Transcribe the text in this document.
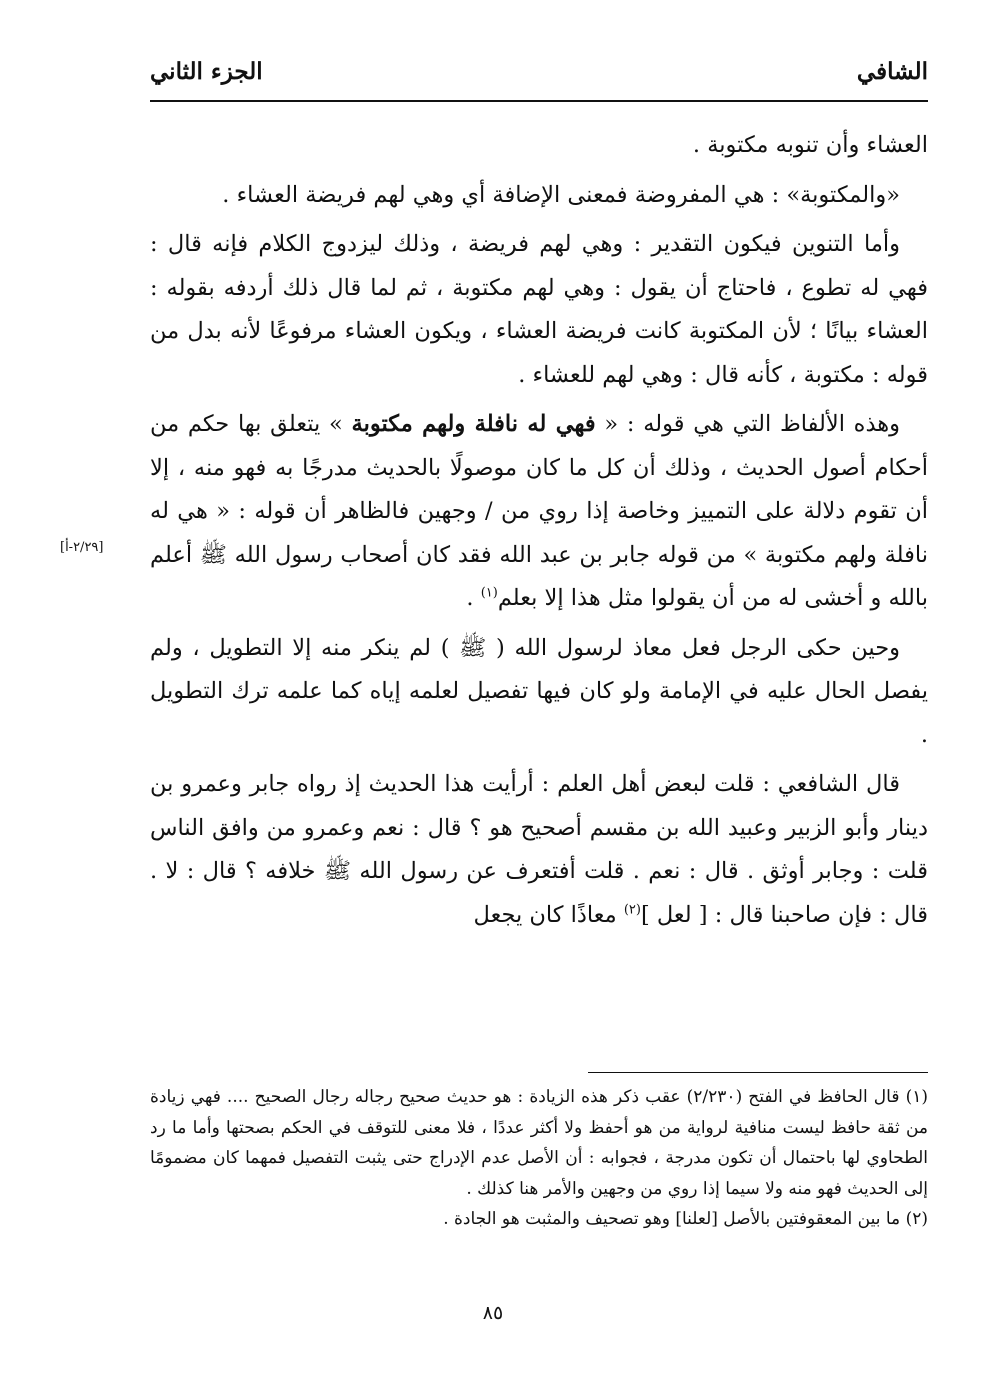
الشافي
الجزء الثاني
[٢/٢٩-أ]

العشاء وأن تنوبه مكتوبة .

«والمكتوبة» : هي المفروضة فمعنى الإضافة أي وهي لهم فريضة العشاء .

وأما التنوين فيكون التقدير : وهي لهم فريضة ، وذلك ليزدوج الكلام فإنه قال : فهي له تطوع ، فاحتاج أن يقول : وهي لهم مكتوبة ، ثم لما قال ذلك أردفه بقوله : العشاء بيانًا ؛ لأن المكتوبة كانت فريضة العشاء ، ويكون العشاء مرفوعًا لأنه بدل من قوله : مكتوبة ، كأنه قال : وهي لهم للعشاء .

وهذه الألفاظ التي هي قوله : « فهي له نافلة ولهم مكتوبة » يتعلق بها حكم من أحكام أصول الحديث ، وذلك أن كل ما كان موصولًا بالحديث مدرجًا به فهو منه ، إلا أن تقوم دلالة على التمييز وخاصة إذا روي من / وجهين فالظاهر أن قوله : « هي له نافلة ولهم مكتوبة » من قوله جابر بن عبد الله فقد كان أصحاب رسول الله ﷺ أعلم بالله و أخشى له من أن يقولوا مثل هذا إلا بعلم$^{(١)}$ .

وحين حكى الرجل فعل معاذ لرسول الله ( ﷺ ) لم ينكر منه إلا التطويل ، ولم يفصل الحال عليه في الإمامة ولو كان فيها تفصيل لعلمه إياه كما علمه ترك التطويل .

قال الشافعي : قلت لبعض أهل العلم : أرأيت هذا الحديث إذ رواه جابر وعمرو بن دينار وأبو الزبير وعبيد الله بن مقسم أصحيح هو ؟ قال : نعم وعمرو من وافق الناس قلت : وجابر أوثق . قال : نعم . قلت أفتعرف عن رسول الله ﷺ خلافه ؟ قال : لا . قال : فإن صاحبنا قال : [ لعل ]$^{(٢)}$ معاذًا كان يجعل

(١) قال الحافظ في الفتح (٢/٢٣٠) عقب ذكر هذه الزيادة : هو حديث صحيح رجاله رجال الصحيح .... فهي زيادة من ثقة حافظ ليست منافية لرواية من هو أحفظ ولا أكثر عددًا ، فلا معنى للتوقف في الحكم بصحتها وأما ما رد الطحاوي لها باحتمال أن تكون مدرجة ، فجوابه : أن الأصل عدم الإدراج حتى يثبت التفصيل فمهما كان مضمومًا إلى الحديث فهو منه ولا سيما إذا روي من وجهين والأمر هنا كذلك .

(٢) ما بين المعقوفتين بالأصل [لعلنا] وهو تصحيف والمثبت هو الجادة .

٨٥
